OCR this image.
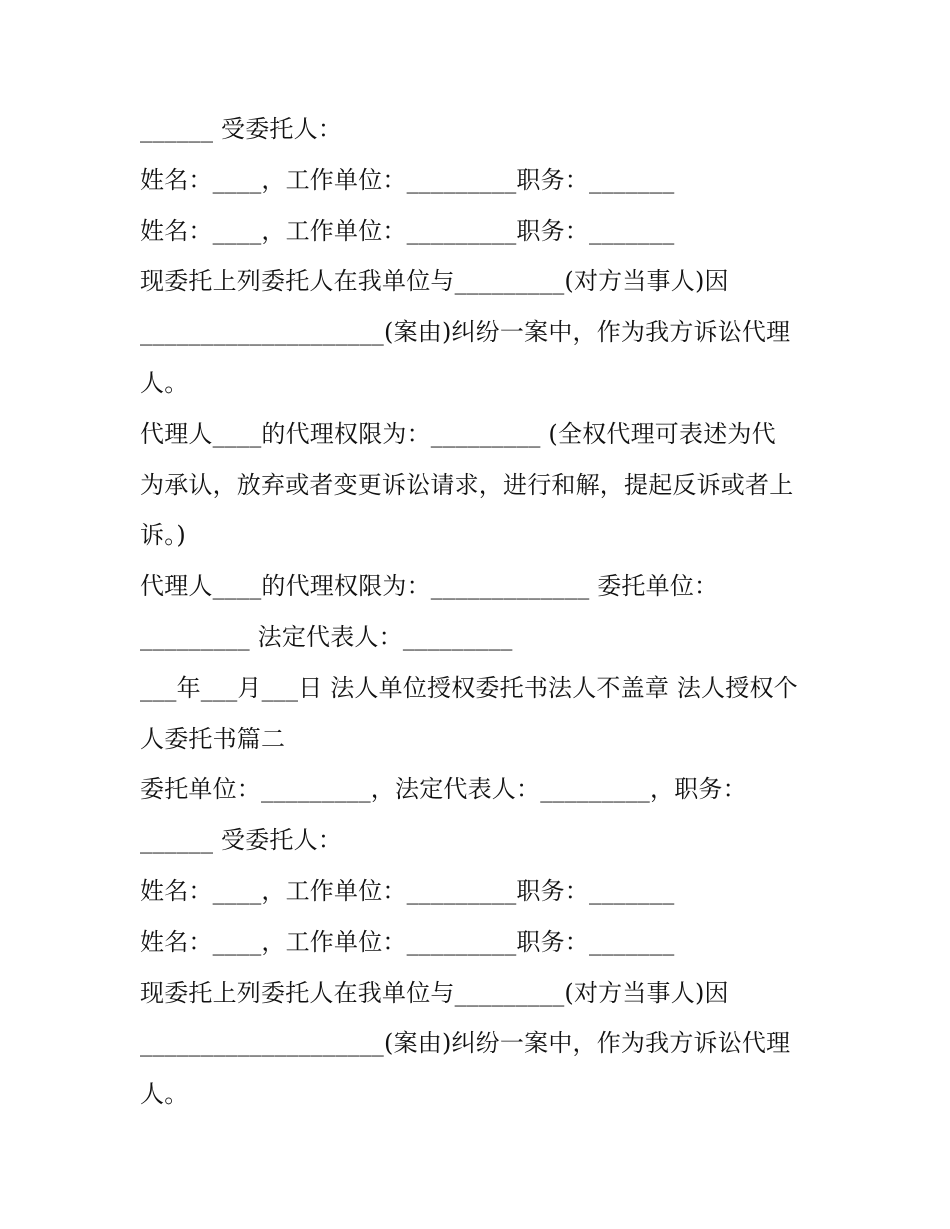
______ 受委托人：
姓名：____，工作单位：_________职务：_______
姓名：____，工作单位：_________职务：_______
现委托上列委托人在我单位与_________(对方当事人)因
____________________(案由)纠纷一案中，作为我方诉讼代理
人。
代理人____的代理权限为：_________ (全权代理可表述为代
为承认，放弃或者变更诉讼请求，进行和解，提起反诉或者上
诉。)
代理人____的代理权限为：_____________ 委托单位：
_________ 法定代表人：_________
___年___月___日 法人单位授权委托书法人不盖章 法人授权个
人委托书篇二
委托单位：_________，法定代表人：_________，职务：
______ 受委托人：
姓名：____，工作单位：_________职务：_______
姓名：____，工作单位：_________职务：_______
现委托上列委托人在我单位与_________(对方当事人)因
____________________(案由)纠纷一案中，作为我方诉讼代理
人。
